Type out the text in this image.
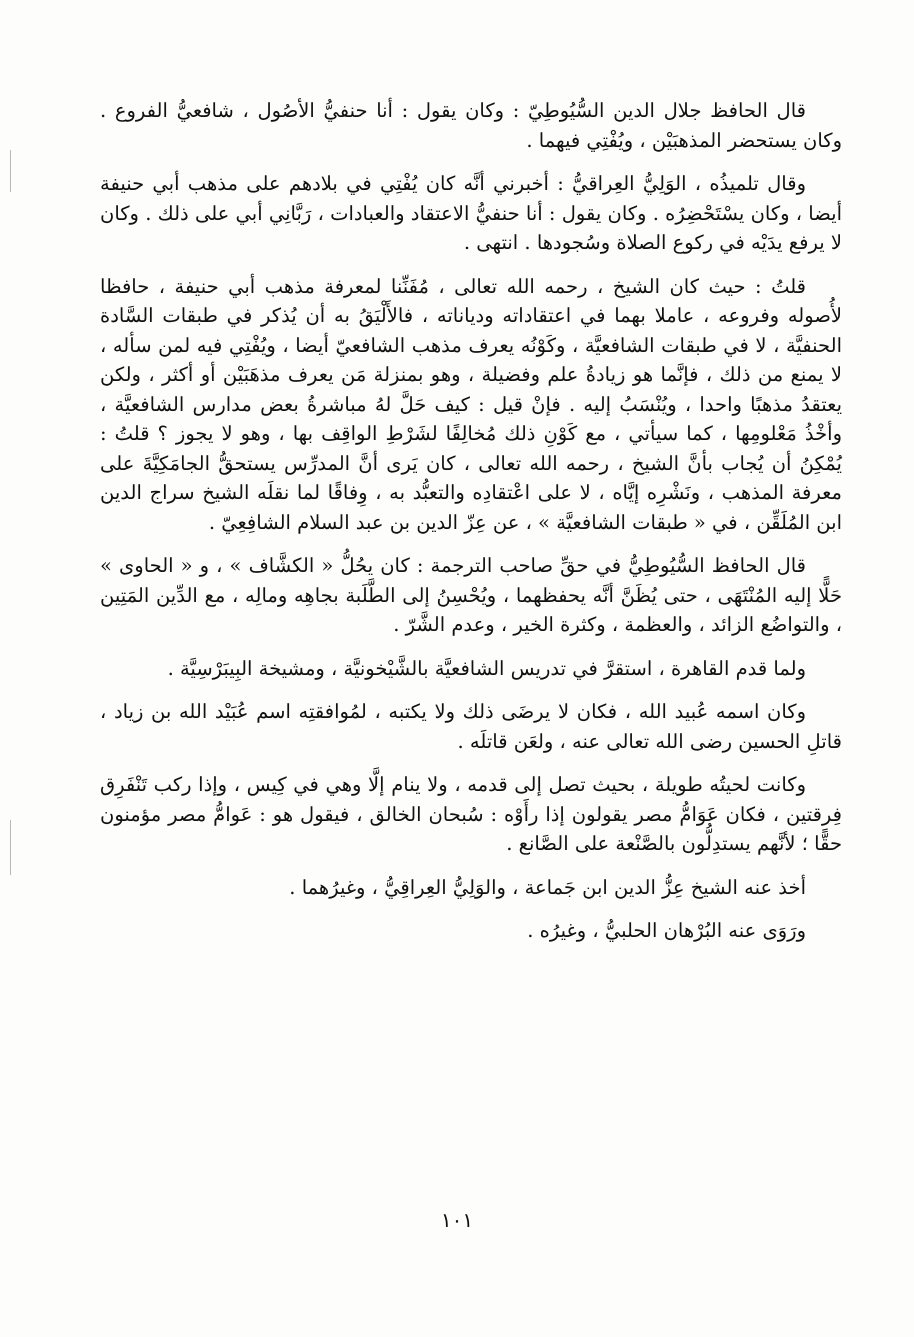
قال الحافظ جلال الدين السُّيُوطِيّ : وكان يقول : أنا حنفيُّ الأصُول ، شافعيُّ الفروع . وكان يستحضر المذهبَيْن ، ويُفْتِي فيهما .

وقال تلميذُه ، الوَلِيُّ العِراقيُّ : أخبرني أنَّه كان يُفْتِي في بلادهم على مذهب أبي حنيفة أيضا ، وكان يسْتَحْضِرُه . وكان يقول : أنا حنفيُّ الاعتقاد والعبادات ، رَبَّانِي أبي على ذلك . وكان لا يرفع يدَيْه في ركوع الصلاة وسُجودها . انتهى .

قلتُ : حيث كان الشيخ ، رحمه الله تعالى ، مُفَنِّنا لمعرفة مذهب أبي حنيفة ، حافظا لأُصوله وفروعه ، عاملا بهما في اعتقاداته ودياناته ، فالأَلْيَقُ به أن يُذكر في طبقات السَّادة الحنفيَّة ، لا في طبقات الشافعيَّة ، وكَوْنُه يعرف مذهب الشافعيّ أيضا ، ويُفْتِي فيه لمن سأله ، لا يمنع من ذلك ، فإنَّما هو زيادةُ علم وفضيلة ، وهو بمنزلة مَن يعرف مذهَبَيْن أو أكثر ، ولكن يعتقدُ مذهبًا واحدا ، ويُنْسَبُ إليه . فإنْ قيل : كيف حَلَّ لهُ مباشرةُ بعض مدارس الشافعيَّة ، وأخْذُ مَعْلومِها ، كما سيأتي ، مع كَوْنِ ذلك مُخالِفًا لشَرْطِ الواقِف بها ، وهو لا يجوز ؟ قلتُ : يُمْكِنُ أن يُجاب بأنَّ الشيخ ، رحمه الله تعالى ، كان يَرى أنَّ المدرِّس يستحقُّ الجامَكِيَّةَ على معرفة المذهب ، ونَشْرِه إيَّاه ، لا على اعْتقادِه والتعبُّد به ، وِفاقًا لما نقلَه الشيخ سراج الدين ابن المُلَقِّن ، في « طبقات الشافعيَّة » ، عن عِزّ الدين بن عبد السلام الشافِعِيّ .

قال الحافظ السُّيُوطِيُّ في حقِّ صاحب الترجمة : كان يحُلُّ « الكشَّاف » ، و « الحاوى » حَلًّا إليه المُنْتَهَى ، حتى يُظَنَّ أنَّه يحفظهما ، ويُحْسِنُ إلى الطَّلَبة بجاهِه ومالِه ، مع الدِّين المَتِين ، والتواضُع الزائد ، والعظمة ، وكثرة الخير ، وعدم الشَّرّ .

ولما قدم القاهرة ، استقرَّ في تدريس الشافعيَّة بالشَّيْخونيَّة ، ومشيخة البِيبَرْسِيَّة .

وكان اسمه عُبيد الله ، فكان لا يرضَى ذلك ولا يكتبه ، لمُوافقتِه اسم عُبَيْد الله بن زياد ، قاتلِ الحسين رضى الله تعالى عنه ، ولعَن قاتلَه .

وكانت لحيتُه طويلة ، بحيث تصل إلى قدمه ، ولا ينام إلَّا وهي في كِيس ، وإذا ركب تَنْفَرِق فِرقتين ، فكان عَوَامُّ مصر يقولون إذا رأَوْه : سُبحان الخالق ، فيقول هو : عَوامُّ مصر مؤمنون حقًّا ؛ لأنَّهم يستدِلُّون بالصَّنْعة على الصَّانع .

أخذ عنه الشيخ عِزُّ الدين ابن جَماعة ، والوَلِيُّ العِراقِيُّ ، وغيرُهما .

ورَوَى عنه البُرْهان الحلبيُّ ، وغيرُه .

١٠١
